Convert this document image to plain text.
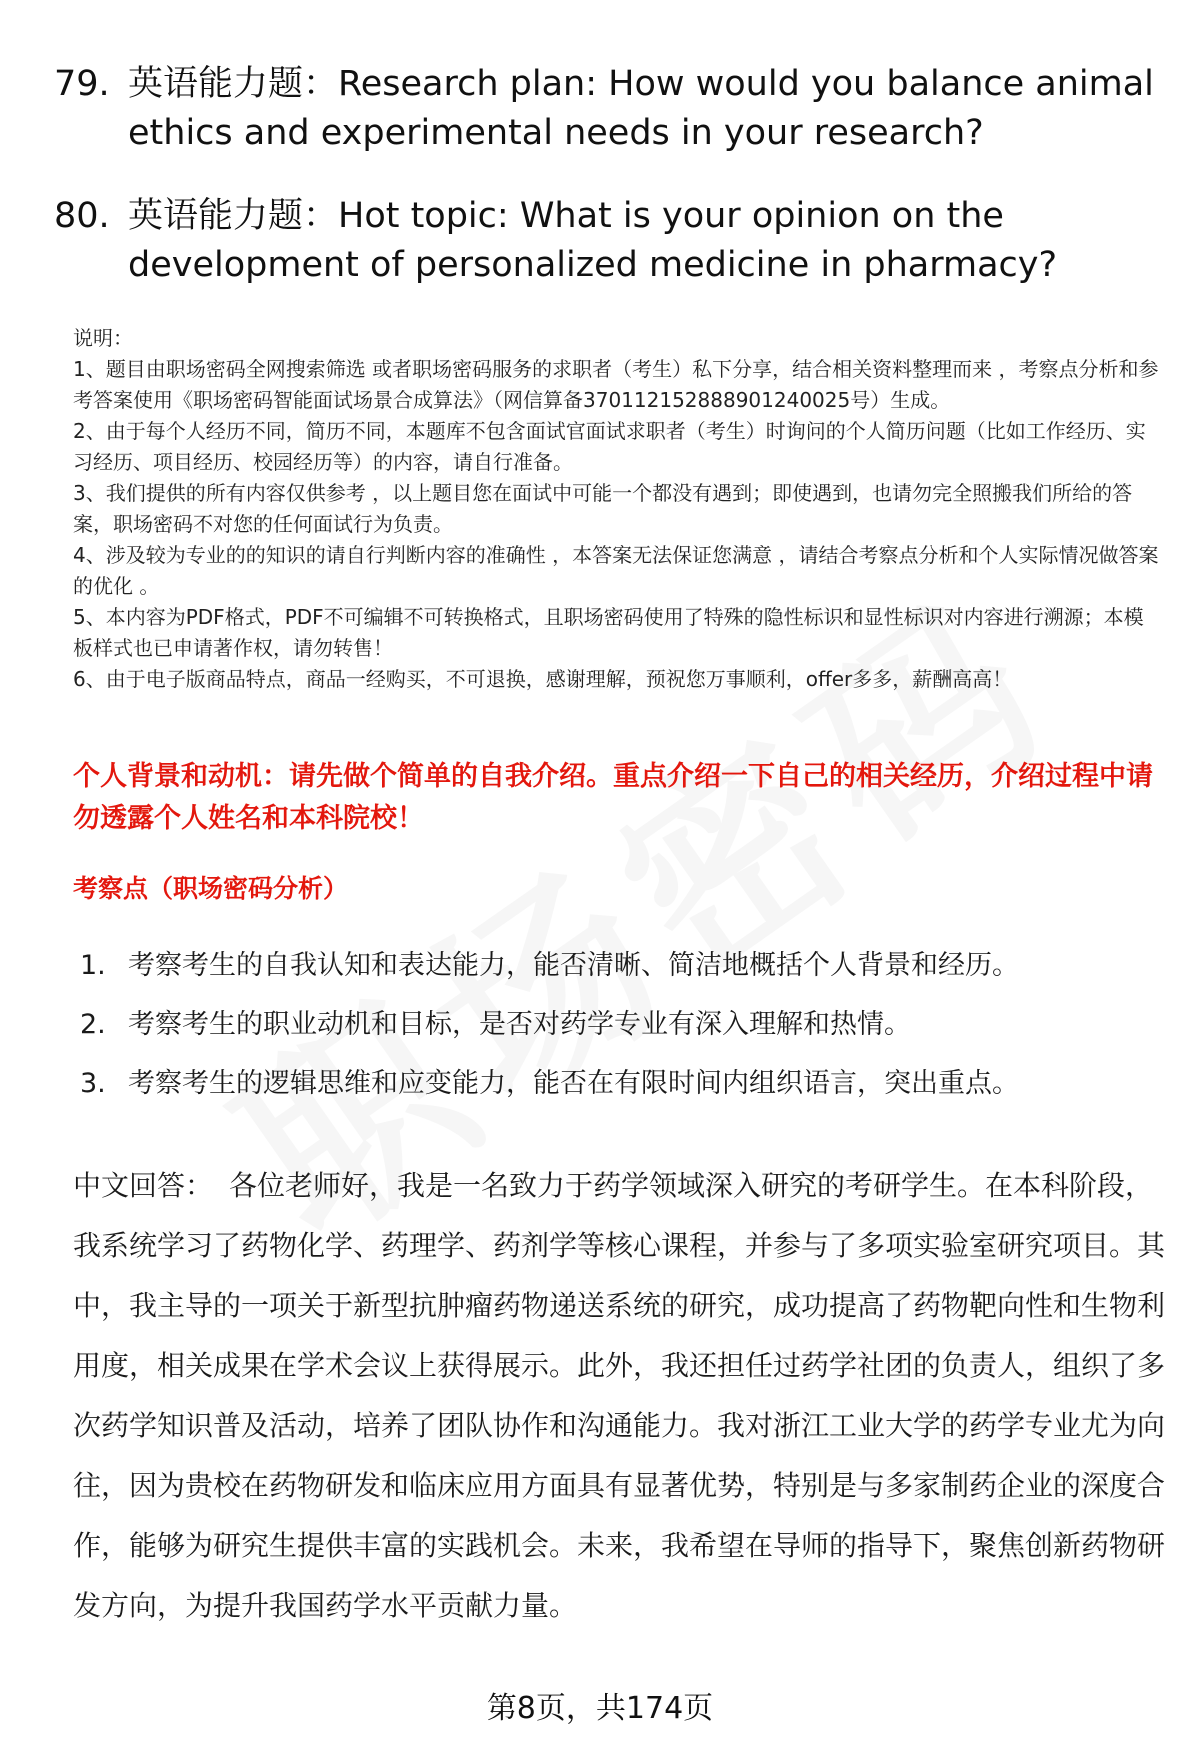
79. 英语能力题：Research plan: How would you balance animal ethics and experimental needs in your research?
80. 英语能力题：Hot topic: What is your opinion on the development of personalized medicine in pharmacy?

说明：

1、题目由职场密码全网搜索筛选 或者职场密码服务的求职者（考生）私下分享，结合相关资料整理而来 ，考察点分析和参考答案使用《职场密码智能面试场景合成算法》（网信算备370112152888901240025号）生成。

2、由于每个人经历不同，简历不同，本题库不包含面试官面试求职者（考生）时询问的个人简历问题（比如工作经历、实习经历、项目经历、校园经历等）的内容，请自行准备。

3、我们提供的所有内容仅供参考 ，以上题目您在面试中可能一个都没有遇到；即使遇到，也请勿完全照搬我们所给的答案，职场密码不对您的任何面试行为负责。

4、涉及较为专业的的知识的请自行判断内容的准确性 ，本答案无法保证您满意 ，请结合考察点分析和个人实际情况做答案的优化 。

5、本内容为PDF格式，PDF不可编辑不可转换格式，且职场密码使用了特殊的隐性标识和显性标识对内容进行溯源；本模板样式也已申请著作权，请勿转售！

6、由于电子版商品特点，商品一经购买，不可退换，感谢理解，预祝您万事顺利，offer多多，薪酬高高！

个人背景和动机：请先做个简单的自我介绍。重点介绍一下自己的相关经历，介绍过程中请勿透露个人姓名和本科院校！
考察点（职场密码分析）
1. 考察考生的自我认知和表达能力，能否清晰、简洁地概括个人背景和经历。
2. 考察考生的职业动机和目标，是否对药学专业有深入理解和热情。
3. 考察考生的逻辑思维和应变能力，能否在有限时间内组织语言，突出重点。
中文回答： 各位老师好，我是一名致力于药学领域深入研究的考研学生。在本科阶段，我系统学习了药物化学、药理学、药剂学等核心课程，并参与了多项实验室研究项目。其中，我主导的一项关于新型抗肿瘤药物递送系统的研究，成功提高了药物靶向性和生物利用度，相关成果在学术会议上获得展示。此外，我还担任过药学社团的负责人，组织了多次药学知识普及活动，培养了团队协作和沟通能力。我对浙江工业大学的药学专业尤为向往，因为贵校在药物研发和临床应用方面具有显著优势，特别是与多家制药企业的深度合作，能够为研究生提供丰富的实践机会。未来，我希望在导师的指导下，聚焦创新药物研发方向，为提升我国药学水平贡献力量。
第8页，共174页
